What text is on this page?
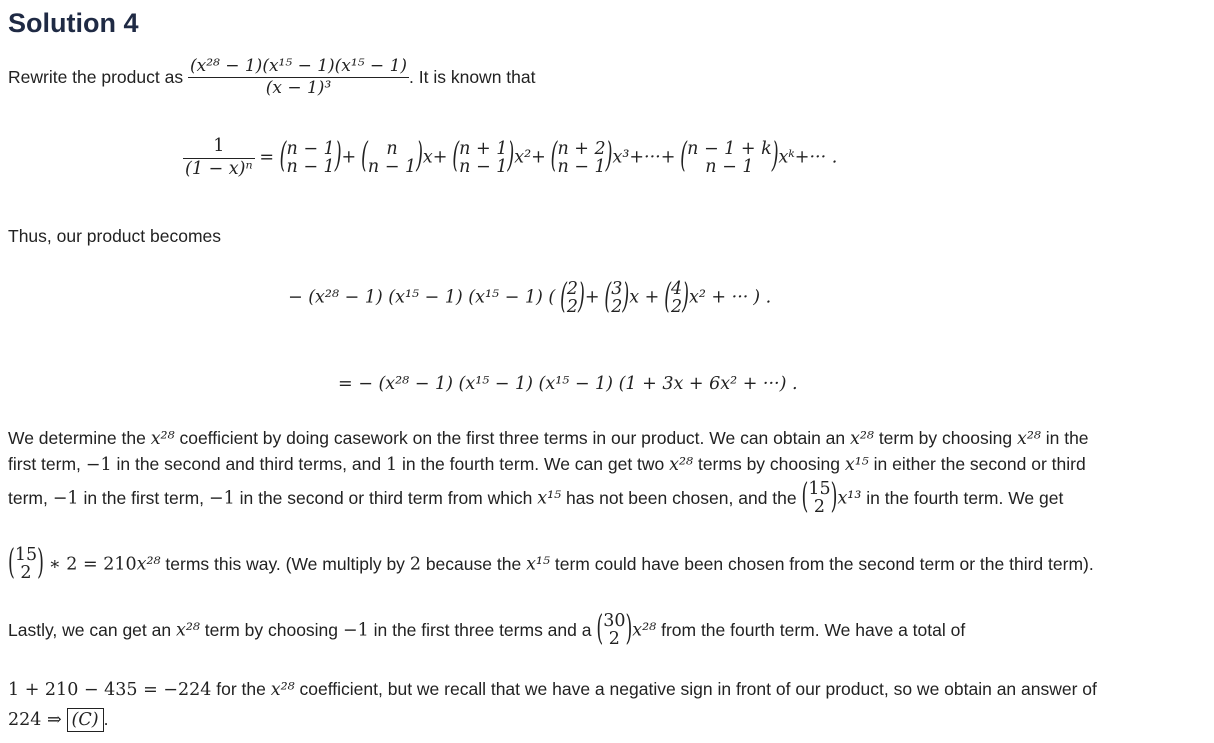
Solution 4
Rewrite the product as $\frac{\text{(x²⁸ − 1)(x¹⁵ − 1)(x¹⁵ − 1)}}{\text{(x − 1)³}}$ . It is known that
$\frac{1}{\text{(1 − x)ⁿ}}$ = ( n − 1
n − 1 ) + ( n
n − 1 ) x+ ( n + 1
n − 1 ) x²+ ( n + 2
n − 1 ) x³+···+ ( n − 1 + k
n − 1 ) xᵏ+··· .
Thus, our product becomes
− (x²⁸ − 1) (x¹⁵ − 1) (x¹⁵ − 1) ( ( 2
2 ) + ( 3
2 ) x + ( 4
2 ) x² + ··· ) .
= − (x²⁸ − 1) (x¹⁵ − 1) (x¹⁵ − 1) (1 + 3x + 6x² + ···) .
We determine the x²⁸ coefficient by doing casework on the first three terms in our product. We can obtain an x²⁸ term by choosing x²⁸ in the
first term, −1 in the second and third terms, and 1 in the fourth term. We can get two x²⁸ terms by choosing x¹⁵ in either the second or third
term, −1 in the first term, −1 in the second or third term from which x¹⁵ has not been chosen, and the ( 15
2 ) x¹³ in the fourth term. We get
( 15
2 ) ∗ 2 = 210x²⁸ terms this way. (We multiply by 2 because the x¹⁵ term could have been chosen from the second term or the third term).
Lastly, we can get an x²⁸ term by choosing −1 in the first three terms and a ( 30
2 ) x²⁸ from the fourth term. We have a total of
1 + 210 − 435 = −224 for the x²⁸ coefficient, but we recall that we have a negative sign in front of our product, so we obtain an answer of
224 ⇒ (C) .
